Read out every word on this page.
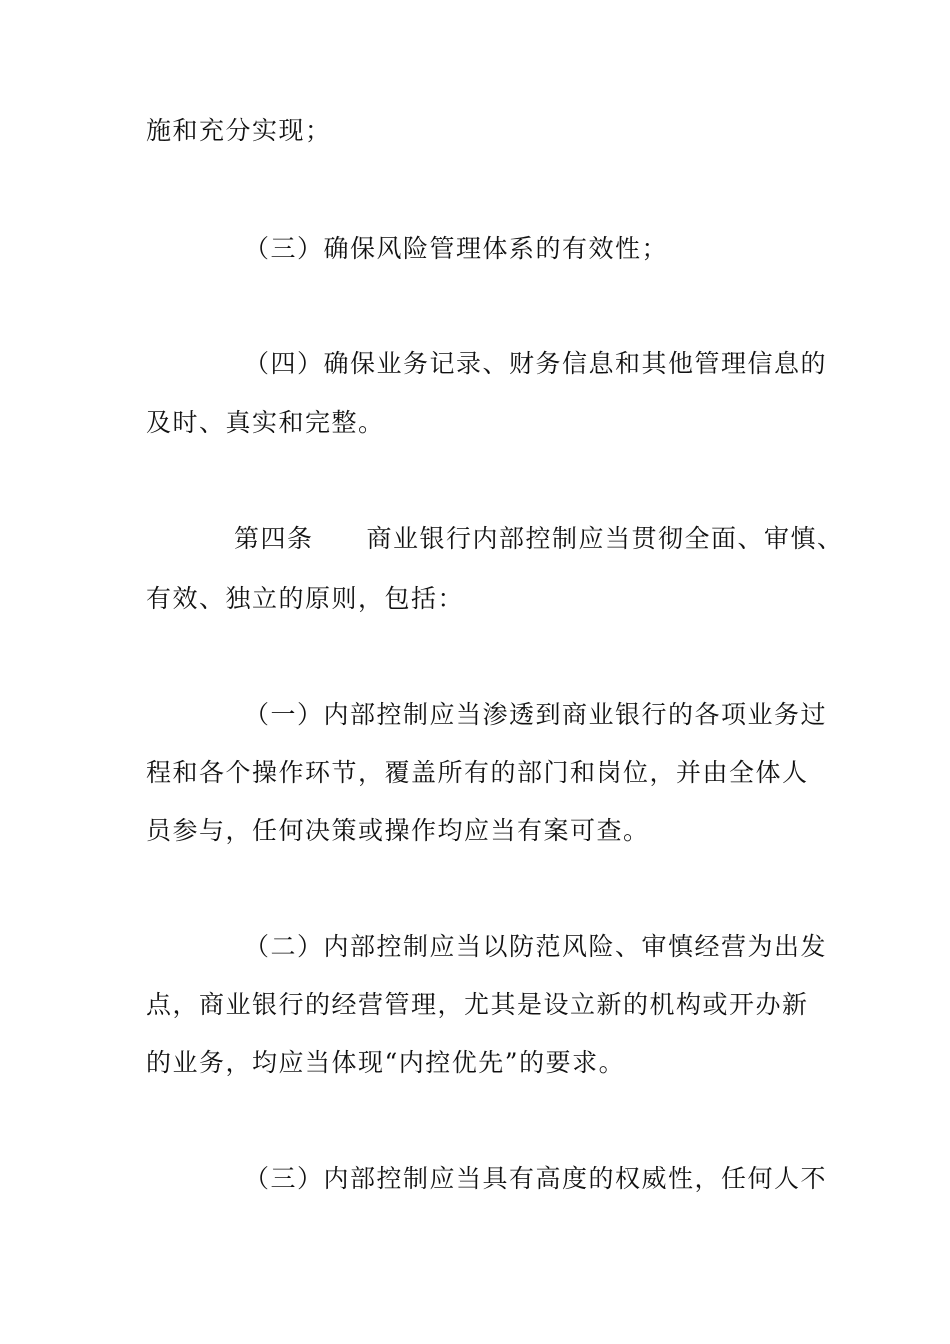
施和充分实现；
（三）确保风险管理体系的有效性；
（四）确保业务记录、财务信息和其他管理信息的
及时、真实和完整。
第四条　　商业银行内部控制应当贯彻全面、审慎、
有效、独立的原则，包括：
（一）内部控制应当渗透到商业银行的各项业务过
程和各个操作环节，覆盖所有的部门和岗位，并由全体人
员参与，任何决策或操作均应当有案可查。
（二）内部控制应当以防范风险、审慎经营为出发
点，商业银行的经营管理，尤其是设立新的机构或开办新
的业务，均应当体现“内控优先”的要求。
（三）内部控制应当具有高度的权威性，任何人不
